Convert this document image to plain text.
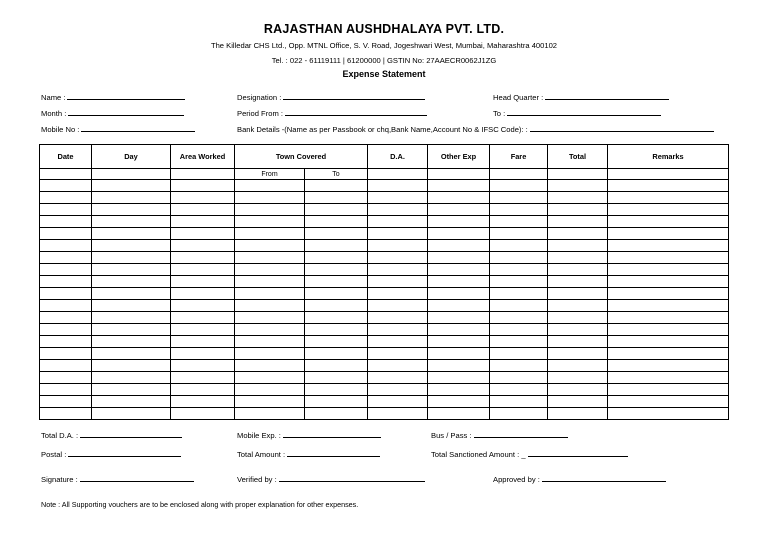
RAJASTHAN AUSHDHALAYA PVT. LTD.
The Killedar CHS Ltd., Opp. MTNL Office, S. V. Road, Jogeshwari West, Mumbai, Maharashtra 400102
Tel. : 022 - 61119111 | 61200000 | GSTIN No: 27AAECR0062J1ZG
Expense Statement
Name :	Designation :	Head Quarter :
Month :	Period From :	To :
Mobile No :	Bank Details -(Name as per Passbook or chq,Bank Name,Account No & IFSC Code): :
Date	Day	Area Worked	Town Covered		D.A.	Other Exp	Fare	Total	Remarks
			From	To					

Total D.A. :	Mobile Exp. :	Bus / Pass :
Postal :	Total Amount :	Total Sanctioned Amount : _
Signature :	Verified by :	Approved by :
Note : All Supporting vouchers are to be enclosed along with proper explanation for other expenses.
